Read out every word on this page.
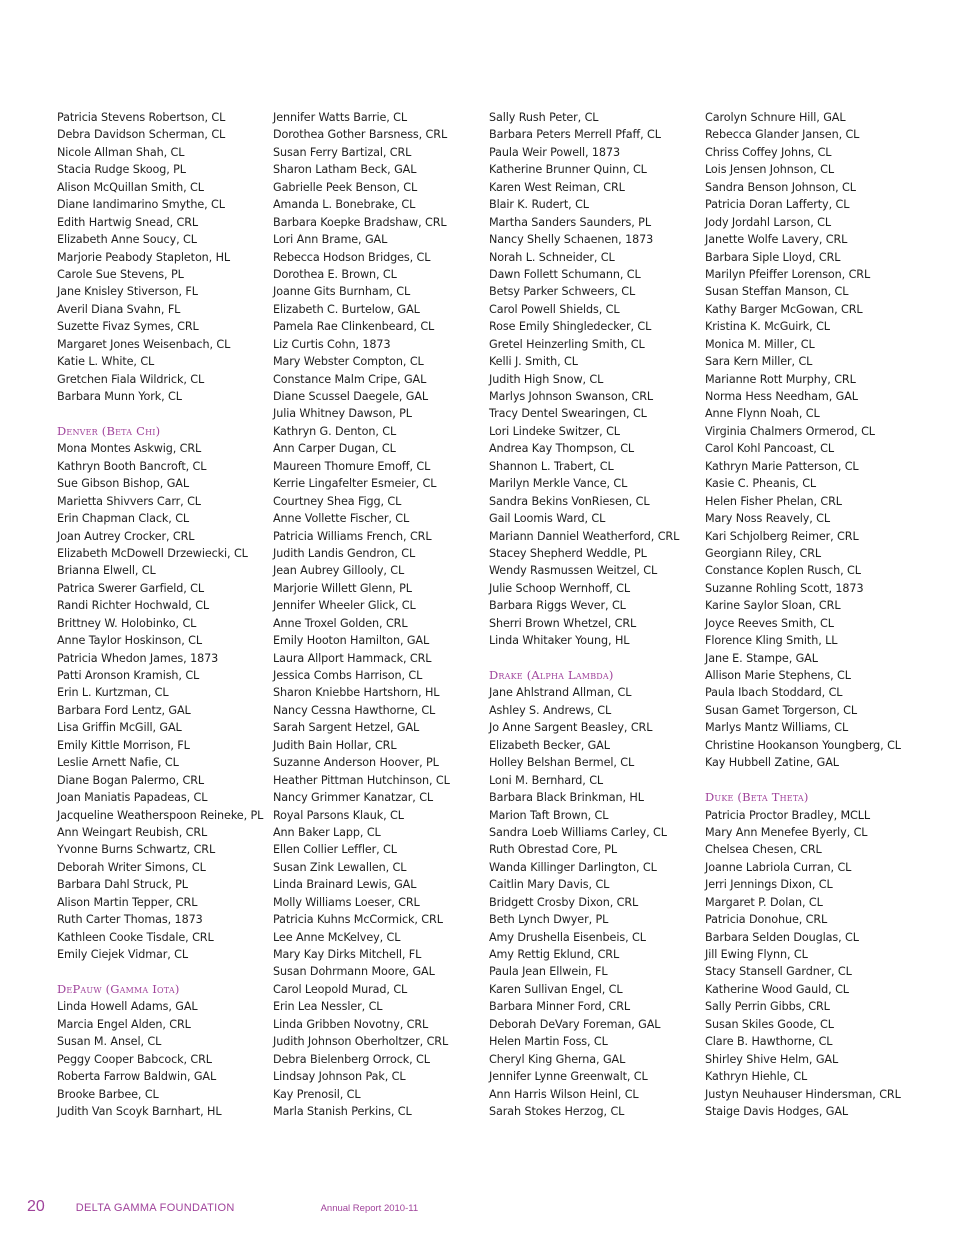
Patricia Stevens Robertson, CL
Debra Davidson Scherman, CL
Nicole Allman Shah, CL
Stacia Rudge Skoog, PL
Alison McQuillan Smith, CL
Diane Iandimarino Smythe, CL
Edith Hartwig Snead, CRL
Elizabeth Anne Soucy, CL
Marjorie Peabody Stapleton, HL
Carole Sue Stevens, PL
Jane Knisley Stiverson, FL
Averil Diana Svahn, FL
Suzette Fivaz Symes, CRL
Margaret Jones Weisenbach, CL
Katie L. White, CL
Gretchen Fiala Wildrick, CL
Barbara Munn York, CL
Denver (Beta Chi)
Mona Montes Askwig, CRL
Kathryn Booth Bancroft, CL
Sue Gibson Bishop, GAL
Marietta Shivvers Carr, CL
Erin Chapman Clack, CL
Joan Autrey Crocker, CRL
Elizabeth McDowell Drzewiecki, CL
Brianna Elwell, CL
Patrica Swerer Garfield, CL
Randi Richter Hochwald, CL
Brittney W. Holobinko, CL
Anne Taylor Hoskinson, CL
Patricia Whedon James, 1873
Patti Aronson Kramish, CL
Erin L. Kurtzman, CL
Barbara Ford Lentz, GAL
Lisa Griffin McGill, GAL
Emily Kittle Morrison, FL
Leslie Arnett Nafie, CL
Diane Bogan Palermo, CRL
Joan Maniatis Papadeas, CL
Jacqueline Weatherspoon Reineke, PL
Ann Weingart Reubish, CRL
Yvonne Burns Schwartz, CRL
Deborah Writer Simons, CL
Barbara Dahl Struck, PL
Alison Martin Tepper, CRL
Ruth Carter Thomas, 1873
Kathleen Cooke Tisdale, CRL
Emily Ciejek Vidmar, CL
DePauw (Gamma Iota)
Linda Howell Adams, GAL
Marcia Engel Alden, CRL
Susan M. Ansel, CL
Peggy Cooper Babcock, CRL
Roberta Farrow Baldwin, GAL
Brooke Barbee, CL
Judith Van Scoyk Barnhart, HL
Jennifer Watts Barrie, CL
Dorothea Gother Barsness, CRL
Susan Ferry Bartizal, CRL
Sharon Latham Beck, GAL
Gabrielle Peek Benson, CL
Amanda L. Bonebrake, CL
Barbara Koepke Bradshaw, CRL
Lori Ann Brame, GAL
Rebecca Hodson Bridges, CL
Dorothea E. Brown, CL
Joanne Gits Burnham, CL
Elizabeth C. Burtelow, GAL
Pamela Rae Clinkenbeard, CL
Liz Curtis Cohn, 1873
Mary Webster Compton, CL
Constance Malm Cripe, GAL
Diane Scussel Daegele, GAL
Julia Whitney Dawson, PL
Kathryn G. Denton, CL
Ann Carper Dugan, CL
Maureen Thomure Emoff, CL
Kerrie Lingafelter Esmeier, CL
Courtney Shea Figg, CL
Anne Vollette Fischer, CL
Patricia Williams French, CRL
Judith Landis Gendron, CL
Jean Aubrey Gillooly, CL
Marjorie Willett Glenn, PL
Jennifer Wheeler Glick, CL
Anne Troxel Golden, CRL
Emily Hooton Hamilton, GAL
Laura Allport Hammack, CRL
Jessica Combs Harrison, CL
Sharon Kniebbe Hartshorn, HL
Nancy Cessna Hawthorne, CL
Sarah Sargent Hetzel, GAL
Judith Bain Hollar, CRL
Suzanne Anderson Hoover, PL
Heather Pittman Hutchinson, CL
Nancy Grimmer Kanatzar, CL
Royal Parsons Klauk, CL
Ann Baker Lapp, CL
Ellen Collier Leffler, CL
Susan Zink Lewallen, CL
Linda Brainard Lewis, GAL
Molly Williams Loeser, CRL
Patricia Kuhns McCormick, CRL
Lee Anne McKelvey, CL
Mary Kay Dirks Mitchell, FL
Susan Dohrmann Moore, GAL
Carol Leopold Murad, CL
Erin Lea Nessler, CL
Linda Gribben Novotny, CRL
Judith Johnson Oberholtzer, CRL
Debra Bielenberg Orrock, CL
Lindsay Johnson Pak, CL
Kay Prenosil, CL
Marla Stanish Perkins, CL
Sally Rush Peter, CL
Barbara Peters Merrell Pfaff, CL
Paula Weir Powell, 1873
Katherine Brunner Quinn, CL
Karen West Reiman, CRL
Blair K. Rudert, CL
Martha Sanders Saunders, PL
Nancy Shelly Schaenen, 1873
Norah L. Schneider, CL
Dawn Follett Schumann, CL
Betsy Parker Schweers, CL
Carol Powell Shields, CL
Rose Emily Shingledecker, CL
Gretel Heinzerling Smith, CL
Kelli J. Smith, CL
Judith High Snow, CL
Marlys Johnson Swanson, CRL
Tracy Dentel Swearingen, CL
Lori Lindeke Switzer, CL
Andrea Kay Thompson, CL
Shannon L. Trabert, CL
Marilyn Merkle Vance, CL
Sandra Bekins VonRiesen, CL
Gail Loomis Ward, CL
Mariann Danniel Weatherford, CRL
Stacey Shepherd Weddle, PL
Wendy Rasmussen Weitzel, CL
Julie Schoop Wernhoff, CL
Barbara Riggs Wever, CL
Sherri Brown Whetzel, CRL
Linda Whitaker Young, HL
Drake (Alpha Lambda)
Jane Ahlstrand Allman, CL
Ashley S. Andrews, CL
Jo Anne Sargent Beasley, CRL
Elizabeth Becker, GAL
Holley Belshan Bermel, CL
Loni M. Bernhard, CL
Barbara Black Brinkman, HL
Marion Taft Brown, CL
Sandra Loeb Williams Carley, CL
Ruth Obrestad Core, PL
Wanda Killinger Darlington, CL
Caitlin Mary Davis, CL
Bridgett Crosby Dixon, CRL
Beth Lynch Dwyer, PL
Amy Drushella Eisenbeis, CL
Amy Rettig Eklund, CRL
Paula Jean Ellwein, FL
Karen Sullivan Engel, CL
Barbara Minner Ford, CRL
Deborah DeVary Foreman, GAL
Helen Martin Foss, CL
Cheryl King Gherna, GAL
Jennifer Lynne Greenwalt, CL
Ann Harris Wilson Heinl, CL
Sarah Stokes Herzog, CL
Carolyn Schnure Hill, GAL
Rebecca Glander Jansen, CL
Chriss Coffey Johns, CL
Lois Jensen Johnson, CL
Sandra Benson Johnson, CL
Patricia Doran Lafferty, CL
Jody Jordahl Larson, CL
Janette Wolfe Lavery, CRL
Barbara Siple Lloyd, CRL
Marilyn Pfeiffer Lorenson, CRL
Susan Steffan Manson, CL
Kathy Barger McGowan, CRL
Kristina K. McGuirk, CL
Monica M. Miller, CL
Sara Kern Miller, CL
Marianne Rott Murphy, CRL
Norma Hess Needham, GAL
Anne Flynn Noah, CL
Virginia Chalmers Ormerod, CL
Carol Kohl Pancoast, CL
Kathryn Marie Patterson, CL
Kasie C. Pheanis, CL
Helen Fisher Phelan, CRL
Mary Noss Reavely, CL
Kari Schjolberg Reimer, CRL
Georgiann Riley, CRL
Constance Koplen Rusch, CL
Suzanne Rohling Scott, 1873
Karine Saylor Sloan, CRL
Joyce Reeves Smith, CL
Florence Kling Smith, LL
Jane E. Stampe, GAL
Allison Marie Stephens, CL
Paula Ibach Stoddard, CL
Susan Gamet Torgerson, CL
Marlys Mantz Williams, CL
Christine Hookanson Youngberg, CL
Kay Hubbell Zatine, GAL
Duke (Beta Theta)
Patricia Proctor Bradley, MCLL
Mary Ann Menefee Byerly, CL
Chelsea Chesen, CRL
Joanne Labriola Curran, CL
Jerri Jennings Dixon, CL
Margaret P. Dolan, CL
Patricia Donohue, CRL
Barbara Selden Douglas, CL
Jill Ewing Flynn, CL
Stacy Stansell Gardner, CL
Katherine Wood Gauld, CL
Sally Perrin Gibbs, CRL
Susan Skiles Goode, CL
Clare B. Hawthorne, CL
Shirley Shive Helm, GAL
Kathryn Hiehle, CL
Justyn Neuhauser Hindersman, CRL
Staige Davis Hodges, GAL
20	DELTA GAMMA FOUNDATION	Annual Report 2010-11
